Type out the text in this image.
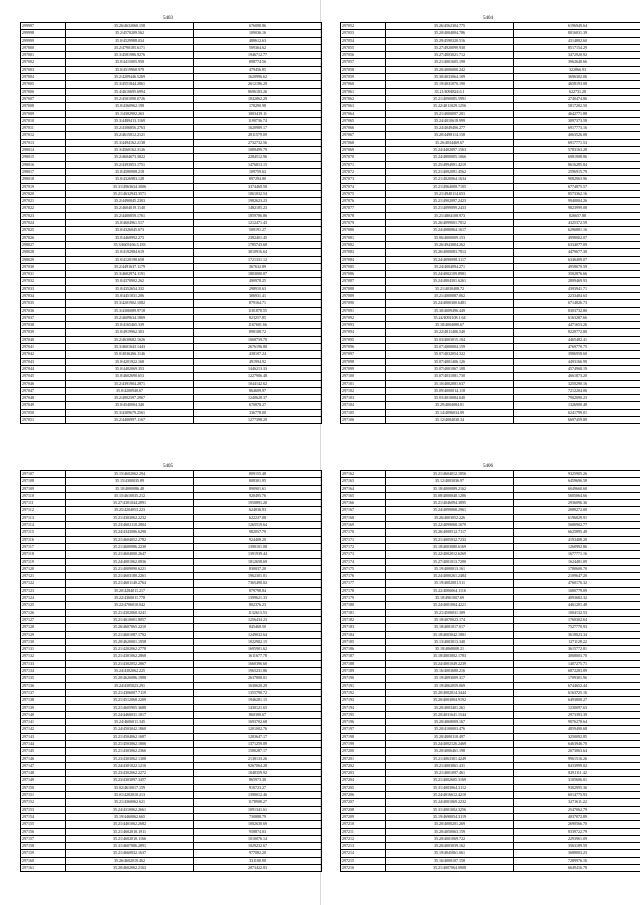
5403
299997	35.26/4632060.158	676098.86
299998	35.2/4570209.562	109036.16
299999	35.0/4529988.034	488612.63
297000	35.2/4790185.6171	509364.62
297001	35.3/4581986.9276	1946712.77
297002	35.0/4415005.958	898774.56
297003	35.0/4519968.979	479456.85
297004	35.2/4209446.5269	1620996.62
297005	35.3/4551844.2861	2612186.29
297006	35.4/4610695.6994	8696183.26
297007	35.2/4501090.0726	1842862.29
297008	35.0/4360962.198	178290.98
297009	35.1/4302902.263	1003419.11
297010	35.3/4489413.1169	1190736.74
297011	35.2/4306856.2763	1620989.17
297012	35.2/4615012.2121	2811579.09
297013	35.3/4494162.2138	2732732.56
298014	35.3/4560162.3126	1089499.79
298015	35.2/4604673.3822	2284512.96
298016	35.2/4393053.1751	1476813.15
298017	35.0/4580908.218	109759.63
298018	35.0/4326983.128	897294.80
297019	35.31/4963634.3006	3374460.58
297020	35.21/4632943.3571	1061032.54
297021	35.2/4490845.2303	1982623.23
297022	35.2/4604019.1140	1482185.23
297023	35.2/4400059.1761	1859786.86
297024	35.0/4604961.517	1212471.43
297025	35.0/4326045.673	509191.27
297026	35.0/4460992.273	2382401.45
298027	35.3/4603166.3.183	1785743.68
298028	35.0/4192984.619	3010916.64
298029	35.0/4120198.658	1721331.12
297030	35.2/4491637.1179	367632.89
297031	35.3/4602974.1191	1803000.87
297032	35.0/4370902.262	490978.25
297033	35.0/4352654.332	298910.63
297034	35.0/4451031.206	306931.41
297035	35.3/4201902.1082	879164.71
297036	35.3/4306089.9718	1181878.55
297037	35.2/4609634.1869	823257.85
297038	35.0/4165465.339	1167601.66
297039	35.0/4919962.303	898108.72
297040	35.2/4630682.1626	1068739.70
297041	35.3/4601643.1443	2676196.80
297042	35.0/4036266.1146	438107.24
297043	35.0/4201922.168	491994.92
297044	35.0/4402069.353	1446213.33
297045	35.0/4602690.653	1227906.48
297046	35.2/4391904.2871	1044142.62
297047	35.0/4200940.67	864609.97
297048	35.2/4902397.2967	1240628.37
297049	35.0/4540004.340	670878.27
297050	35.3/4309679.2561	336778.00
297051	35.2/4400997.1167	1277398.29
5404
297052	35.26/4562304.775	6196949.64
297053	35.20/4004004.786	8016031.39
297054	35.29/4590320.516	4314802.60
297055	35.27/4920099.930	8517154.29
297056	35.27/4003021.712	3472920.92
297057	35.21/4001605.198	3962640.66
297058	35.20/4006000.242	322866.93
297059	35.30/4033064.109	3696302.06
297060	35.19/4031070.190	4658193.08
297061	35.21/4094824.6.1	622731.28
297062	35.21/4090085.5991	2740474.86
297063	35.22/4011029.1256	5817202.50
297064	35.21/4000097.201	4642771.88
297065	35.24/4010618.999	3097373.58
297066	35.24/4049406.277	6917773.16
297067	35.20/4498114.158	4063526.08
297068	35.26/4034469.67	6917771.53
297069	35.24/4402097.1563	5783163.28
297070	35.24/4800005.1066	6981908.86
297071	35.25/4994991.4219	8616285.84
297072	35.21/4092081.4562	2596915.79
297073	35.21/4020064.1634	9082963.96
297074	35.21/4964008.7105	6774875.57
297075	35.21/4940114.653	8573362.16
297076	35.21/4902097.2423	9940004.26
297077	35.21/4099099.2433	9823999.08
297078	35.21/4804108.973	826657.88
297079	35.26/4099001.7812	4325372.59
297080	35.24/4080064.1617	6296881.16
297081	35.06/4000009.153	4998002.07
297082	35.26/4943004.262	6334077.09
297083	35.26/4000083.7813	4479677.30
297084	35.24/4090098.3117	6346409.07
297085	35.24/4004094.271	4958679.59
297086	35.24/4002109.8981	3502876.66
297087	35.24/4004301.6261	2809469.93
297088	35.21/4030408.72	4393941.71
297089	35.21/4000087.062	2233404.63
297090	35.24/4000300.6481	6714826.73
297091	35.30/4009496.449	8303732.80
297092	35.24/4092108.1.64	6163287.66
297093	35.18/4004080.67	4471653.26
297094	35.22/4011406.540	8229772.80
297095	35.03/4003015.104	4465482.41
297096	35.07/4000004.159	4769770.75
297097	35.07/4032054.322	3986958.60
297098	35.07/4001406.126	4493166.99
297099	35.07/4001067.108	4574968.19
297100	35.07/4031081.730	4661873.20
297101	35.10/4002081.637	3250290.16
297102	35.09/4000014.118	7212204.06
297103	35.03/4010084.040	7902090.23
297104	35.29/4004084.01	1326900.48
297105	35.14/4096034.09	6241799.01
297106	35.12/4004030.34	6697459.89
5405
297107	35.15/4602062.294	809155.48
297108	35.15/4300035.89	808301.95
297109	35.10/4000086.48	890901.61
297110	35.15/4610035.212	920495.76
297111	35.27/4301044.2891	1950891.20
297112	35.25/4204053.223	624036.93
297113	35.21/4303062.2232	622237.08
297114	35.23/4602110.2804	1265519.64
297115	35.24/4343086.6290	982057.79
297116	35.21/4604052.2782	924408.20
297117	35.21/4600986.2230	1390101.08
297118	35.21/4604000.2647	1391939.44
297119	35.24/4001062.0836	1812658.69
297120	35.21/4009090.6221	830037.20
297121	35.21/4603180.2261	1962301.01
297122	35.21/4601140.2764	7365490.02
297123	35.20/4284011.217	879798.84
297124	35.22/4360011.778	1399621.33
297125	35.22/4706010.042	802376.23
297126	35.21/4302060.3241	1132613.53
297127	35.21/4610001.8057	1256434.23
297128	35.26/4607065.2210	845468.50
297129	35.21/4601087.1792	1249032.64
297130	35.20/4620001.1958	1022902.15
297131	35.21/4202062.2778	1695901.62
297132	35.21/4301062.2868	1611677.78
297133	35.21/4302052.2867	1660396.60
297134	35.24/4302062.225	1965231.86
297135	35.20/4626086.1988	2637808.01
297136	35.24/4305023.291	1630620.29
297137	35.21/4306007.7119	1355790.72
297138	35.21/4512068.2209	1946281.15
297139	35.21/4605905.3688	1430121.65
297140	35.24/4460031.1817	860390.67
297141	35.24/4606011.345	1693702.68
297142	35.24/4503042.1860	1201002.76
297143	35.21/4504062.1687	1283647.17
297144	35.21/4503062.1806	1371259.09
297145	35.21/4303062.2366	1580287.17
297146	35.23/4303062.1308	2138133.26
297147	35.24/4301022.1210	9267064.28
297148	35.23/4302062.2272	1048359.92
297149	35.23/4303097.3457	865973.30
297150	35.02/4610017.159	916723.27
297151	35.01/4202010.213	1390012.46
297152	35.21/4360062.621	1178908.27
297153	35.24/4310062.2661	1091341.61
297154	35.19/4460062.665	730888.79
297155	35.21/4401062.2682	1002630.69
297156	35.21/4602010.1911	958874.03
297157	35.21/4602010.1166	1010076.14
297158	35.31/4607086.2891	1029232.67
297159	35.21/4660032.1637	977082.20
297160	35.26/4602010.462	331100.90
297161	35.20/4602062.2163	2073422.83
5406
297162	35.21/4604012.1856	9325905.26
297163	35.12/4003036.97	6459696.58
297164	35.18/4000089.2162	6049660.60
297165	35.08/4000040.1286	5605064.66
297166	35.21/4046094.3895	2936096.36
297167	35.24/4099068.2961	2089272.00
297168	35.26/4003052.226	6196829.91
297169	35.22/4099068.1679	5680902.77
297170	35.26/4008512.7117	6625895.49
297171	35.21/4005032.7233	4193408.20
297172	35.18/4003080.6169	1260992.86
297173	35.22/4002012.6269	1677771.16
297174	35.27/4001013.7290	1624481.09
297175	35.19/4000013.161	1780600.70
297176	35.24/4000261.2484	2109647.20
297177	35.19/4002001.511	4760176.32
297178	35.22/4006064.1116	1680779.09
297179	35.18/4961007.69	4093682.32
297180	35.24/4001004.4221	4461201.48
297181	35.21/4500031.309	1004132.53
297182	35.18/4070023.174	1760302.64
297183	35.18/4001017.017	7527770.93
297184	35.18/4003042.1881	3618023.34
297185	35.13/4003013.340	1271128.22
297186	35.18/4068008.21	3615772.81
297187	35.18/4003002.1783	3068003.70
297188	35.24/4001049.2239	1407275.71
297189	35.16/4003680.216	6872283.89
297190	35.19/4093009.317	1709301.96
297191	35.19/4062059.069	6744652.44
297192	35.20/4002014.3444	6163725.16
297193	35.20/4003004.9192	6493808.27
297194	35.20/4003401.261	1230097.63
297195	35.20/4031641.1544	2973393.39
297196	35.20/4068009.167	9076278.64
297197	35.20/4100003.476	4859490.68
297198	35.20/4000110.497	3250092.85
297199	35.24/4002126.2469	6463946.70
297200	35.20/4006461.198	2673063.64
297201	35.21/4063301.4249	9961516.26
297202	35.21/4003061.431	8433999.02
297203	35.21/4001097.461	8291111.42
297204	35.21/4002605.3169	3105606.01
297205	35.31/4003064.3112	9302995.36
297206	35.24/4016612.4210	6014775.93
297207	35.24/4001069.2232	3271611.22
297208	35.31/4001002.3256	2547062.79
297209	35.19/4690054.3119	4037072.89
297210	35.20/4000201.269	2690566.70
297211	35.20/4050063.159	8339722.79
297212	35.20/4001069.722	2293961.09
297213	35.20/4003039.162	3563189.59
297214	35.19/4045061.061	3688003.23
297215	35.16/4000107.158	7289976.16
297216	35.21/4007064.0908	6649416.78
